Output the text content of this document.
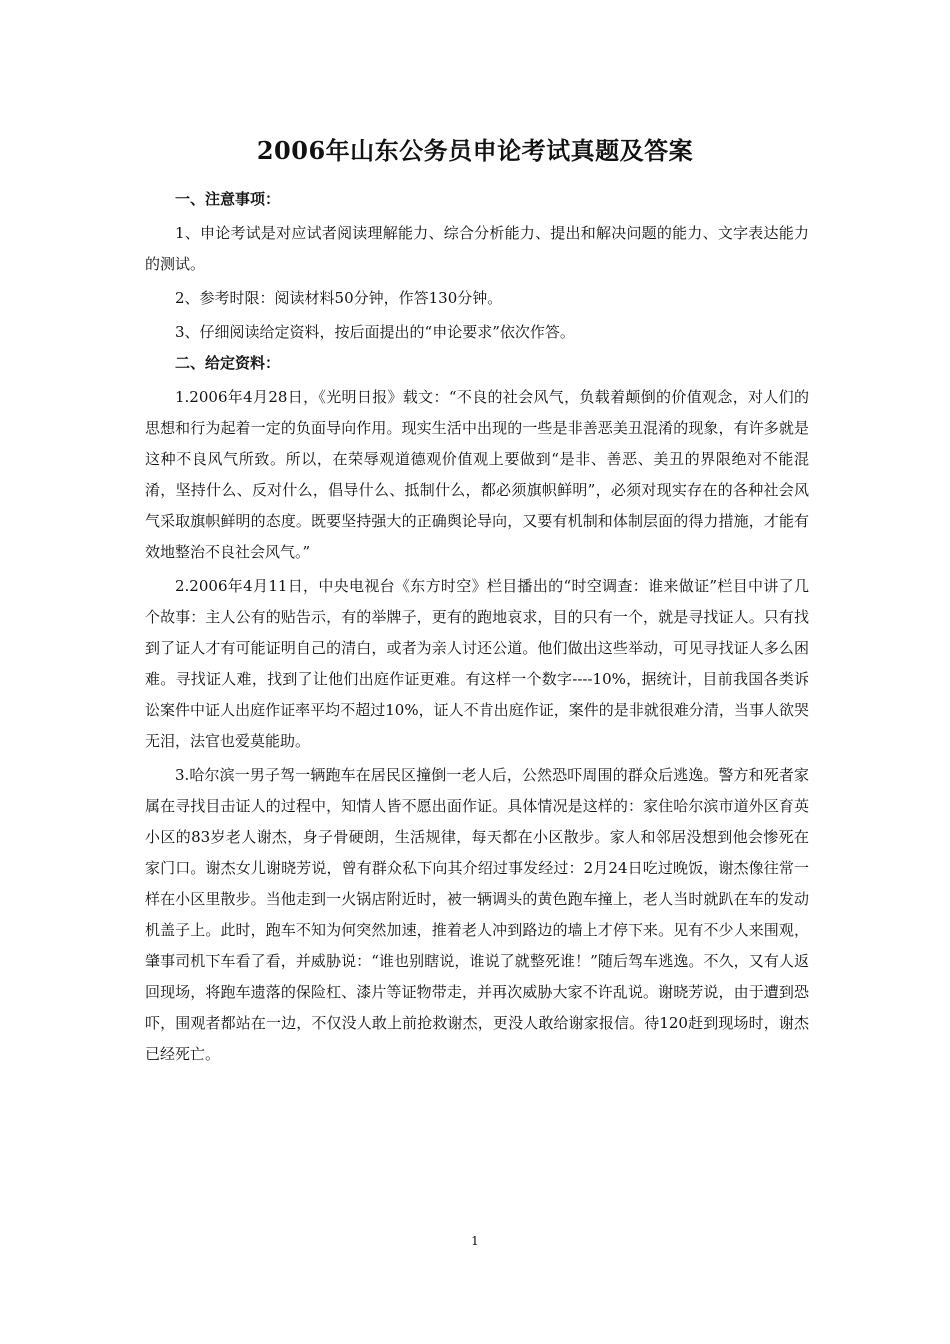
2006年山东公务员申论考试真题及答案
一、注意事项：

1、申论考试是对应试者阅读理解能力、综合分析能力、提出和解决问题的能力、文字表达能力的测试。

2、参考时限：阅读材料50分钟，作答130分钟。

3、仔细阅读给定资料，按后面提出的“申论要求”依次作答。

二、给定资料：

1.2006年4月28日，《光明日报》载文：“不良的社会风气，负载着颠倒的价值观念，对人们的思想和行为起着一定的负面导向作用。现实生活中出现的一些是非善恶美丑混淆的现象，有许多就是这种不良风气所致。所以，在荣辱观道德观价值观上要做到“是非、善恶、美丑的界限绝对不能混淆，坚持什么、反对什么，倡导什么、抵制什么，都必须旗帜鲜明”，必须对现实存在的各种社会风气采取旗帜鲜明的态度。既要坚持强大的正确舆论导向，又要有机制和体制层面的得力措施，才能有效地整治不良社会风气。”

2.2006年4月11日，中央电视台《东方时空》栏目播出的“时空调查：谁来做证”栏目中讲了几个故事：主人公有的贴告示，有的举牌子，更有的跑地哀求，目的只有一个，就是寻找证人。只有找到了证人才有可能证明自己的清白，或者为亲人讨还公道。他们做出这些举动，可见寻找证人多么困难。寻找证人难，找到了让他们出庭作证更难。有这样一个数字----10%，据统计，目前我国各类诉讼案件中证人出庭作证率平均不超过10%，证人不肯出庭作证，案件的是非就很难分清，当事人欲哭无泪，法官也爱莫能助。

3.哈尔滨一男子驾一辆跑车在居民区撞倒一老人后，公然恐吓周围的群众后逃逸。警方和死者家属在寻找目击证人的过程中，知情人皆不愿出面作证。具体情况是这样的：家住哈尔滨市道外区育英小区的83岁老人谢杰，身子骨硬朗，生活规律，每天都在小区散步。家人和邻居没想到他会惨死在家门口。谢杰女儿谢晓芳说，曾有群众私下向其介绍过事发经过：2月24日吃过晚饭，谢杰像往常一样在小区里散步。当他走到一火锅店附近时，被一辆调头的黄色跑车撞上，老人当时就趴在车的发动机盖子上。此时，跑车不知为何突然加速，推着老人冲到路边的墙上才停下来。见有不少人来围观，肇事司机下车看了看，并威胁说：“谁也别瞎说，谁说了就整死谁！”随后驾车逃逸。不久，又有人返回现场，将跑车遗落的保险杠、漆片等证物带走，并再次威胁大家不许乱说。谢晓芳说，由于遭到恐吓，围观者都站在一边，不仅没人敢上前抢救谢杰，更没人敢给谢家报信。待120赶到现场时，谢杰已经死亡。

1
